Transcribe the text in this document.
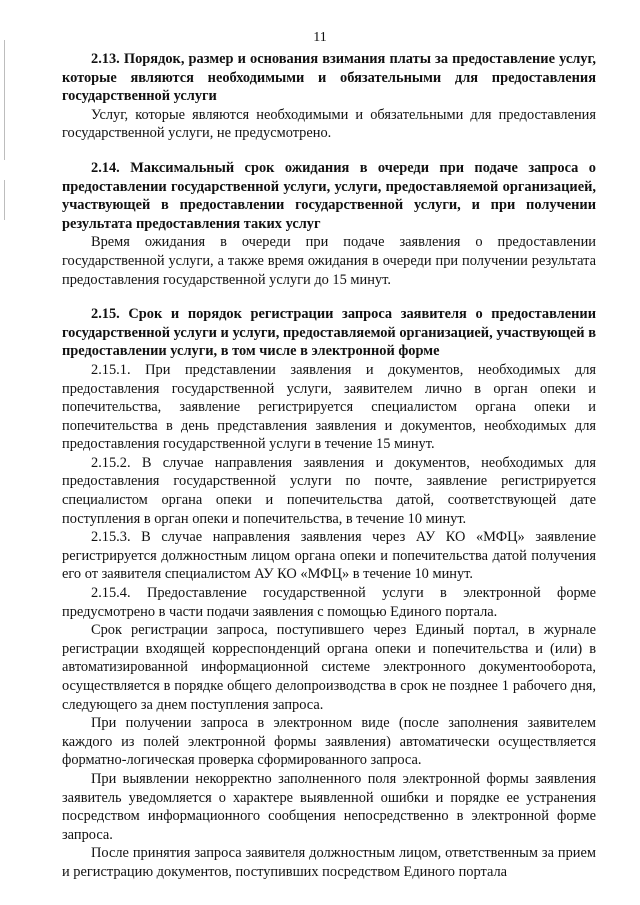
11

2.13. Порядок, размер и основания взимания платы за предоставление услуг, которые являются необходимыми и обязательными для предоставления государственной услуги

Услуг, которые являются необходимыми и обязательными для предоставления государственной услуги, не предусмотрено.

2.14. Максимальный срок ожидания в очереди при подаче запроса о предоставлении государственной услуги, услуги, предоставляемой организацией, участвующей в предоставлении государственной услуги, и при получении результата предоставления таких услуг

Время ожидания в очереди при подаче заявления о предоставлении государственной услуги, а также время ожидания в очереди при получении результата предоставления государственной услуги до 15 минут.

2.15. Срок и порядок регистрации запроса заявителя о предоставлении государственной услуги и услуги, предоставляемой организацией, участвующей в предоставлении услуги, в том числе в электронной форме

2.15.1. При представлении заявления и документов, необходимых для предоставления государственной услуги, заявителем лично в орган опеки и попечительства, заявление регистрируется специалистом органа опеки и попечительства в день представления заявления и документов, необходимых для предоставления государственной услуги в течение 15 минут.

2.15.2. В случае направления заявления и документов, необходимых для предоставления государственной услуги по почте, заявление регистрируется специалистом органа опеки и попечительства датой, соответствующей дате поступления в орган опеки и попечительства, в течение 10 минут.

2.15.3. В случае направления заявления через АУ КО «МФЦ» заявление регистрируется должностным лицом органа опеки и попечительства датой получения его от заявителя специалистом АУ КО «МФЦ» в течение 10 минут.

2.15.4. Предоставление государственной услуги в электронной форме предусмотрено в части подачи заявления с помощью Единого портала.

Срок регистрации запроса, поступившего через Единый портал, в журнале регистрации входящей корреспонденций органа опеки и попечительства и (или) в автоматизированной информационной системе электронного документооборота, осуществляется в порядке общего делопроизводства в срок не позднее 1 рабочего дня, следующего за днем поступления запроса.

При получении запроса в электронном виде (после заполнения заявителем каждого из полей электронной формы заявления) автоматически осуществляется форматно-логическая проверка сформированного запроса.

При выявлении некорректно заполненного поля электронной формы заявления заявитель уведомляется о характере выявленной ошибки и порядке ее устранения посредством информационного сообщения непосредственно в электронной форме запроса.

После принятия запроса заявителя должностным лицом, ответственным за прием и регистрацию документов, поступивших посредством Единого портала
